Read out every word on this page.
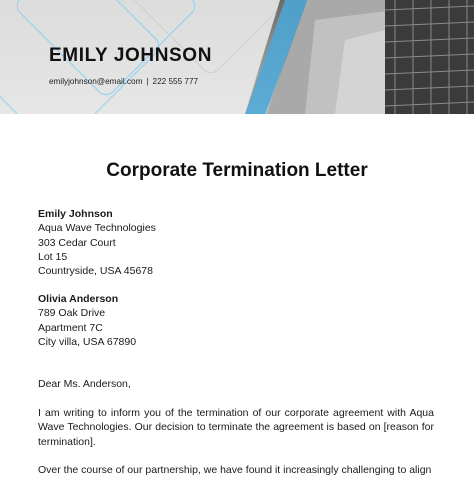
EMILY JOHNSON
emilyjohnson@email.com | 222 555 777
Corporate Termination Letter
Emily Johnson
Aqua Wave Technologies
303 Cedar Court
Lot 15
Countryside, USA 45678
Olivia Anderson
789 Oak Drive
Apartment 7C
City villa, USA 67890
Dear Ms. Anderson,
I am writing to inform you of the termination of our corporate agreement with Aqua Wave Technologies. Our decision to terminate the agreement is based on [reason for termination].
Over the course of our partnership, we have found it increasingly challenging to align
